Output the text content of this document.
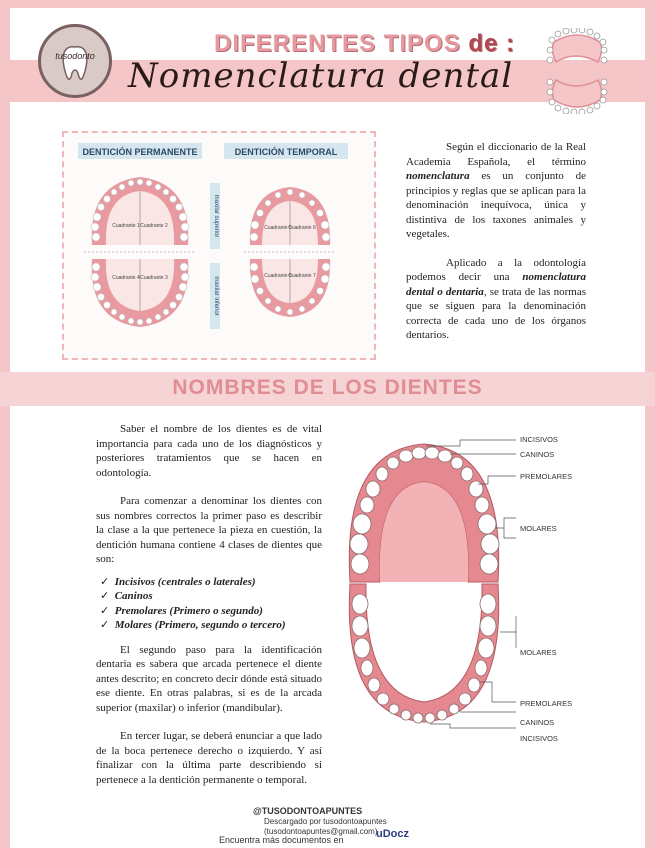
tusodonto	DIFERENTES TIPOS de :
Nomenclatura dental
DENTICIÓN PERMANENTE	DENTICIÓN TEMPORAL
Cuadrante 1 Cuadrante 2
Cuadrante 4 Cuadrante 3
maxilar superior
maxilar inferior
Cuadrante 5
Cuadrante 6
Cuadrante 8
Cuadrante 7

Según el diccionario de la Real Academia Española, el término nomenclatura es un conjunto de principios y reglas que se aplican para la denominación inequívoca, única y distintiva de los taxones animales y vegetales.

Aplicado a la odontología podemos decir una nomenclatura dental o dentaria, se trata de las normas que se siguen para la denominación correcta de cada uno de los órganos dentarios.

NOMBRES DE LOS DIENTES

Saber el nombre de los dientes es de vital importancia para cada uno de los diagnósticos y posteriores tratamientos que se hacen en odontología.

Para comenzar a denominar los dientes con sus nombres correctos la primer paso es describir la clase a la que pertenece la pieza en cuestión, la dentición humana contiene 4 clases de dientes que son:

✓  Incisivos (centrales o laterales)
✓  Caninos
✓  Premolares (Primero o segundo)
✓  Molares (Primero, segundo o tercero)

El segundo paso para la identificación dentaria es sabera que arcada pertenece el diente antes descrito; en concreto decir dónde está situado ese diente. En otras palabras, si es de la arcada superior (maxilar) o inferior (mandibular).

En tercer lugar, se deberá enunciar a que lado de la boca pertenece derecho o izquierdo. Y así finalizar con la última parte describiendo si pertenece a la dentición permanente o temporal.

INCISIVOS
CANINOS
PREMOLARES
MOLARES
MOLARES
PREMOLARES
CANINOS
INCISIVOS
@TUSODONTOAPUNTES
Descargado por tusodontoapuntes
(tusodontoapuntes@gmail.com)
Encuentra más documentos en	uDocz
